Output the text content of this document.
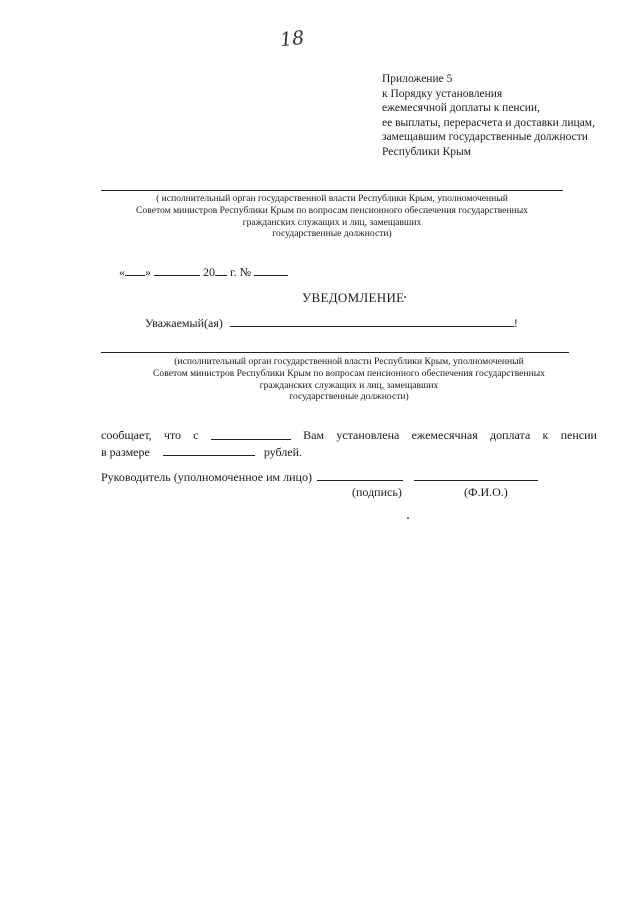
18
Приложение 5
к Порядку установления
ежемесячной доплаты к пенсии,
ее выплаты, перерасчета и доставки лицам,
замещавшим государственные должности
Республики Крым
( исполнительный орган государственной власти Республики Крым, уполномоченный
Советом министров Республики Крым по вопросам пенсионного обеспечения государственных
гражданских служащих и лиц, замещавших
государственные должности)
« »	20 г. №
УВЕДОМЛЕНИЕ
Уважаемый(ая)	!
(исполнительный орган государственной власти Республики Крым, уполномоченный
Советом министров Республики Крым по вопросам пенсионного обеспечения государственных
гражданских служащих и лиц, замещавших
государственные должности)
сообщает, что с	Вам установлена ежемесячная доплата к пенсии
в размере	рублей.
Руководитель (уполномоченное им лицо)
(подпись)	(Ф.И.О.)
